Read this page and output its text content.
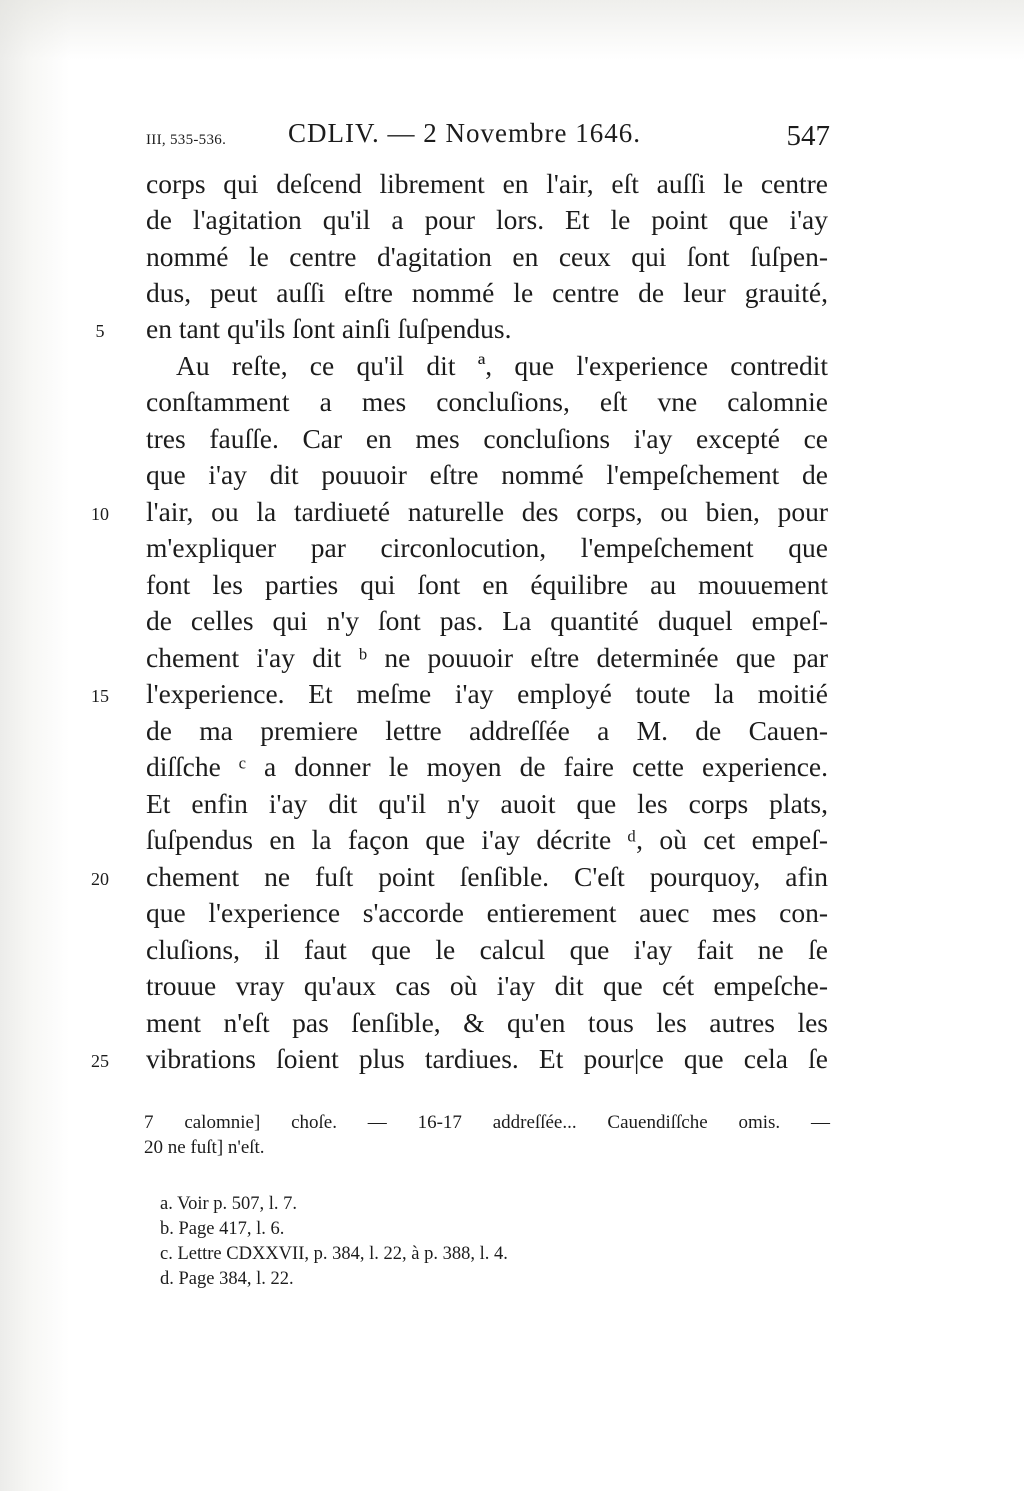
III, 535-536. CDLIV. — 2 Novembre 1646.	547
corps qui deſcend librement en l'air, eſt auſſi le centre
de l'agitation qu'il a pour lors. Et le point que i'ay
nommé le centre d'agitation en ceux qui ſont ſuſpen-
dus, peut auſſi eſtre nommé le centre de leur grauité,
en tant qu'ils ſont ainſi ſuſpendus.
Au reſte, ce qu'il dit ª, que l'experience contredit
conſtamment a mes concluſions, eſt vne calomnie
tres fauſſe. Car en mes concluſions i'ay excepté ce
que i'ay dit pouuoir eſtre nommé l'empeſchement de
l'air, ou la tardiueté naturelle des corps, ou bien, pour
m'expliquer par circonlocution, l'empeſchement que
font les parties qui ſont en équilibre au mouuement
de celles qui n'y ſont pas. La quantité duquel empeſ-
chement i'ay dit ᵇ ne pouuoir eſtre determinée que par
l'experience. Et meſme i'ay employé toute la moitié
de ma premiere lettre addreſſée a M. de Cauen-
diſſche ᶜ a donner le moyen de faire cette experience.
Et enfin i'ay dit qu'il n'y auoit que les corps plats,
ſuſpendus en la façon que i'ay décrite ᵈ, où cet empeſ-
chement ne fuſt point ſenſible. C'eſt pourquoy, afin
que l'experience s'accorde entierement auec mes con-
cluſions, il faut que le calcul que i'ay fait ne ſe
trouue vray qu'aux cas où i'ay dit que cét empeſche-
ment n'eſt pas ſenſible, & qu'en tous les autres les
vibrations ſoient plus tardiues. Et pour|ce que cela ſe
5
10
15
20
25
7 calomnie] choſe. — 16-17 addreſſée... Cauendiſſche omis. —
20 ne fuſt] n'eſt.
a. Voir p. 507, l. 7.
b. Page 417, l. 6.
c. Lettre CDXXVII, p. 384, l. 22, à p. 388, l. 4.
d. Page 384, l. 22.
